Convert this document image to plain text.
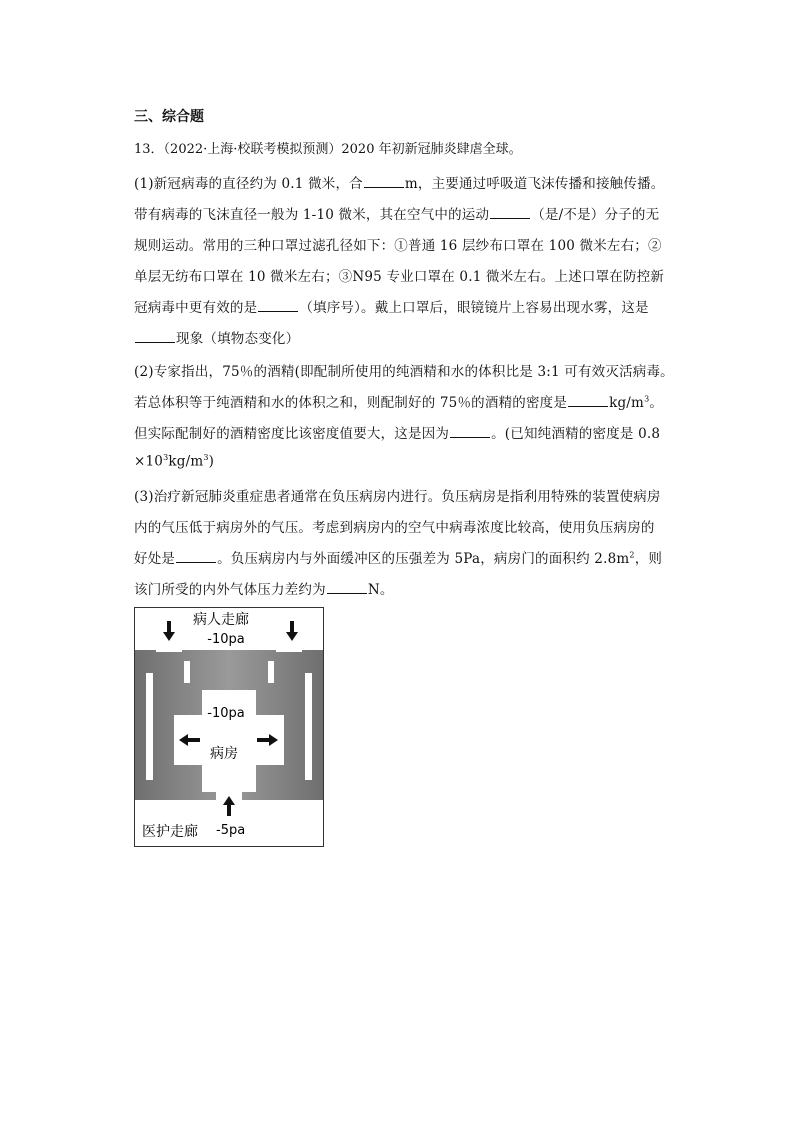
三、综合题
13．（2022·上海·校联考模拟预测）2020 年初新冠肺炎肆虐全球。
(1)新冠病毒的直径约为 0.1 微米，合	m，主要通过呼吸道飞沫传播和接触传播。
带有病毒的飞沫直径一般为 1-10 微米，其在空气中的运动	（是/不是）分子的无
规则运动。常用的三种口罩过滤孔径如下：①普通 16 层纱布口罩在 100 微米左右；②
单层无纺布口罩在 10 微米左右；③N95 专业口罩在 0.1 微米左右。上述口罩在防控新
冠病毒中更有效的是	（填序号）。戴上口罩后，眼镜镜片上容易出现水雾，这是
现象（填物态变化）
(2)专家指出，75％的酒精(即配制所使用的纯酒精和水的体积比是 3:1 可有效灭活病毒。
若总体积等于纯酒精和水的体积之和，则配制好的 75％的酒精的密度是	$kg/m^3$。
但实际配制好的酒精密度比该密度值要大，这是因为	。(已知纯酒精的密度是 0.8
$\times 10^3kg/m^3$)
(3)治疗新冠肺炎重症患者通常在负压病房内进行。负压病房是指利用特殊的装置使病房
内的气压低于病房外的气压。考虑到病房内的空气中病毒浓度比较高，使用负压病房的
好处是	。负压病房内与外面缓冲区的压强差为 5Pa，病房门的面积约 $2.8m^2$，则
该门所受的内外气体压力差约为	N。
病人走廊
-10pa
-10pa
病房
医护走廊 -5pa
